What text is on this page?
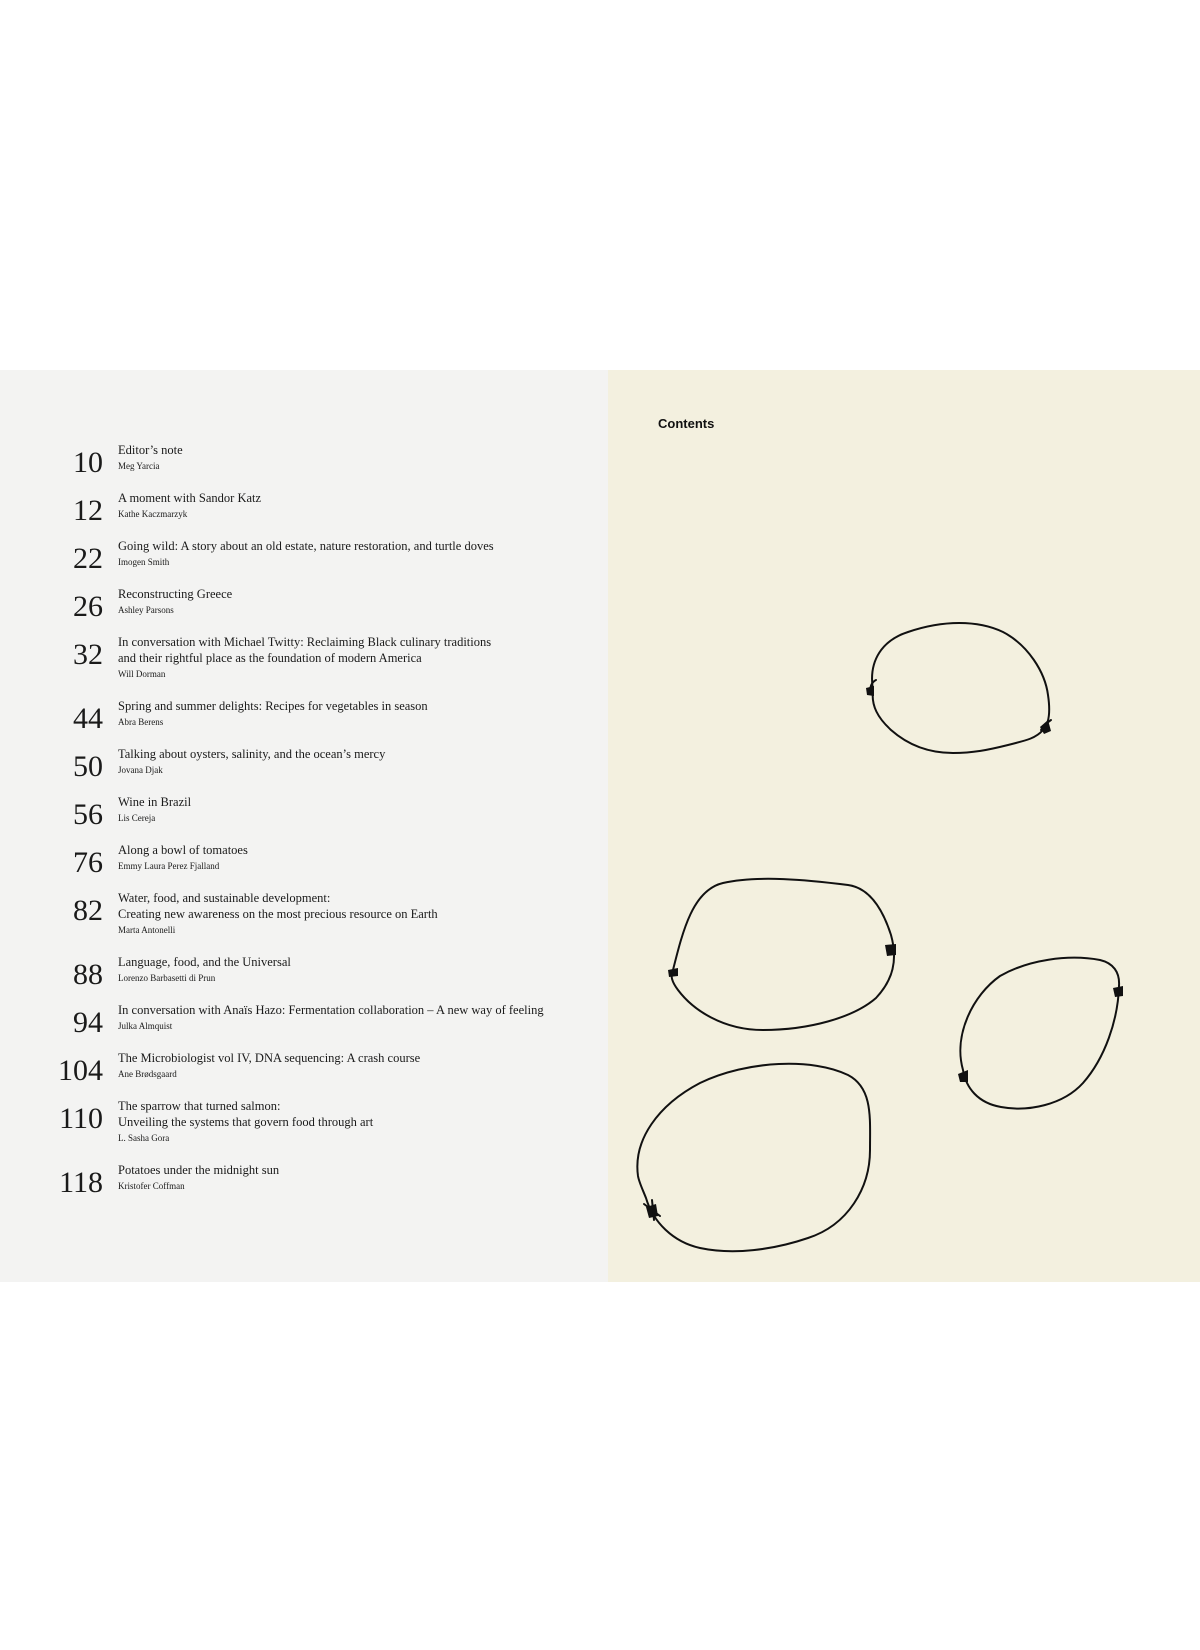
10 Editor’s note
Meg Yarcia
12 A moment with Sandor Katz
Kathe Kaczmarzyk
22 Going wild: A story about an old estate, nature restoration, and turtle doves
Imogen Smith
26 Reconstructing Greece
Ashley Parsons
32 In conversation with Michael Twitty: Reclaiming Black culinary traditions
and their rightful place as the foundation of modern America
Will Dorman
44 Spring and summer delights: Recipes for vegetables in season
Abra Berens
50 Talking about oysters, salinity, and the ocean’s mercy
Jovana Djak
56 Wine in Brazil
Lis Cereja
76 Along a bowl of tomatoes
Emmy Laura Perez Fjalland
82 Water, food, and sustainable development:
Creating new awareness on the most precious resource on Earth
Marta Antonelli
88 Language, food, and the Universal
Lorenzo Barbasetti di Prun
94 In conversation with Anaïs Hazo: Fermentation collaboration – A new way of feeling
Julka Almquist
104 The Microbiologist vol IV, DNA sequencing: A crash course
Ane Brødsgaard
110 The sparrow that turned salmon:
Unveiling the systems that govern food through art
L. Sasha Gora
118 Potatoes under the midnight sun
Kristofer Coffman
Contents
